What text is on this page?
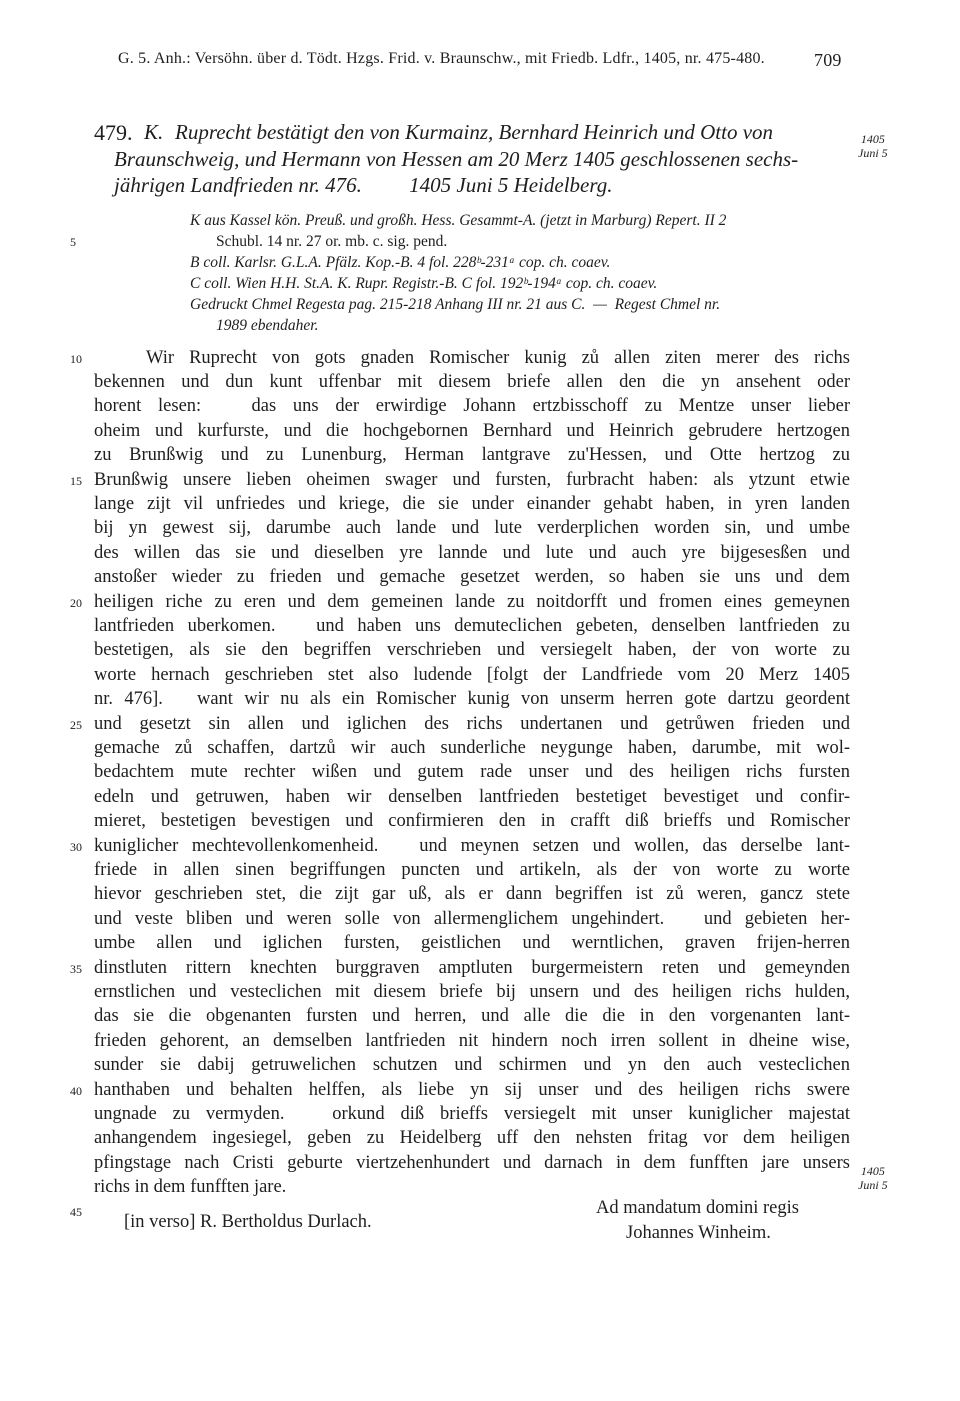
G. 5. Anh.: Versöhn. über d. Tödt. Hzgs. Frid. v. Braunschw., mit Friedb. Ldfr., 1405, nr. 475-480.	709
479. K. Ruprecht bestätigt den von Kurmainz, Bernhard Heinrich und Otto von
Braunschweig, und Hermann von Hessen am 20 Merz 1405 geschlossenen sechs-
jährigen Landfrieden nr. 476.         1405 Juni 5 Heidelberg.
1405
Juni 5
K aus Kassel kön. Preuß. und großh. Hess. Gesammt-A. (jetzt in Marburg) Repert. II 2
Schubl. 14 nr. 27 or. mb. c. sig. pend.
B coll. Karlsr. G.L.A. Pfälz. Kop.-B. 4 fol. 228ᵇ-231ᵃ cop. ch. coaev.
C coll. Wien H.H. St.A. K. Rupr. Registr.-B. C fol. 192ᵇ-194ᵃ cop. ch. coaev.
Gedruckt Chmel Regesta pag. 215-218 Anhang III nr. 21 aus C.  —  Regest Chmel nr.
1989 ebendaher.
5
10
15
20
25
30
35
40
45
Wir Ruprecht von gots gnaden Romischer kunig zů allen ziten merer des richs
bekennen und dun kunt uffenbar mit diesem briefe allen den die yn ansehent oder
horent lesen:   das uns der erwirdige Johann ertzbisschoff zu Mentze unser lieber
oheim und kurfurste, und die hochgebornen Bernhard und Heinrich gebrudere hertzogen
zu Brunßwig und zu Lunenburg, Herman lantgrave zu'Hessen, und Otte hertzog zu
Brunßwig unsere lieben oheimen swager und fursten, furbracht haben: als ytzunt etwie
lange zijt vil unfriedes und kriege, die sie under einander gehabt haben, in yren landen
bij yn gewest sij, darumbe auch lande und lute verderplichen worden sin, und umbe
des willen das sie und dieselben yre lannde und lute und auch yre bijgesesßen und
anstoßer wieder zu frieden und gemache gesetzet werden, so haben sie uns und dem
heiligen riche zu eren und dem gemeinen lande zu noitdorfft und fromen eines gemeynen
lantfrieden uberkomen.   und haben uns demuteclichen gebeten, denselben lantfrieden zu
bestetigen, als sie den begriffen verschrieben und versiegelt haben, der von worte zu
worte hernach geschrieben stet also ludende [folgt der Landfriede vom 20 Merz 1405
nr. 476].   want wir nu als ein Romischer kunig von unserm herren gote dartzu geordent
und gesetzt sin allen und iglichen des richs undertanen und getrůwen frieden und
gemache zů schaffen, dartzů wir auch sunderliche neygunge haben, darumbe, mit wol-
bedachtem mute rechter wißen und gutem rade unser und des heiligen richs fursten
edeln und getruwen, haben wir denselben lantfrieden bestetiget bevestiget und confir-
mieret, bestetigen bevestigen und confirmieren den in crafft diß brieffs und Romischer
kuniglicher mechtevollenkomenheid.   und meynen setzen und wollen, das derselbe lant-
friede in allen sinen begriffungen puncten und artikeln, als der von worte zu worte
hievor geschrieben stet, die zijt gar uß, als er dann begriffen ist zů weren, gancz stete
und veste bliben und weren solle von allermenglichem ungehindert.   und gebieten her-
umbe allen und iglichen fursten, geistlichen und werntlichen, graven frijen-herren
dinstluten rittern knechten burggraven amptluten burgermeistern reten und gemeynden
ernstlichen und vesteclichen mit diesem briefe bij unsern und des heiligen richs hulden,
das sie die obgenanten fursten und herren, und alle die die in den vorgenanten lant-
frieden gehorent, an demselben lantfrieden nit hindern noch irren sollent in dheine wise,
sunder sie dabij getruwelichen schutzen und schirmen und yn den auch vesteclichen
hanthaben und behalten helffen, als liebe yn sij unser und des heiligen richs swere
ungnade zu vermyden.   orkund diß brieffs versiegelt mit unser kuniglicher majestat
anhangendem ingesiegel, geben zu Heidelberg uff den nehsten fritag vor dem heiligen
pfingstage nach Cristi geburte viertzehenhundert und darnach in dem funfften jare unsers
richs in dem funfften jare.
1405
Juni 5
[in verso] R. Bertholdus Durlach.
Ad mandatum domini regis
Johannes Winheim.
